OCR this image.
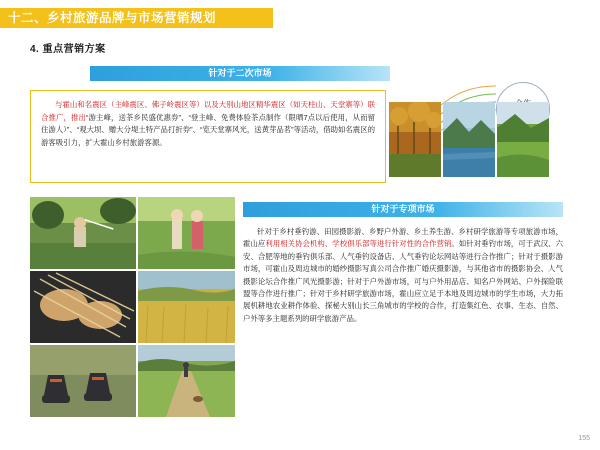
十二、乡村旅游品牌与市场营销规划
4. 重点营销方案
针对于二次市场

与霍山和名震区（主峰震区、佛子岭震区等）以及大别山地区精华震区（如天柱山、天堂寨等）联合推广，推出“游主峰，送茶乡民盛优惠券”、“登主峰、免费体验茶点制作（限晒7点以后使用，从而留住游人）”、“观大坝、赠大分堤土特产品打折券”、“览天堂寨风光，送黄芽品茗”等活动，借助如名震区的游客吸引力，扩大霍山乡村旅游客源。

针对于专项市场

针对于乡村垂钓游、田园摄影游、乡野户外游、乡土养生游、乡村研学旅游等专项旅游市场，霍山应利用相关协会机构、学校俱乐部等进行针对性的合作营销。如针对垂钓市场，可于武汉、六安、合肥等地的垂钓俱乐部、人气垂钓设备店、人气垂钓论坛网站等进行合作推广；针对于摄影游市场，可霍山及周边城市的婚纱摄影写真公司合作推广婚庆摄影游，与其他省市的摄影协会、人气摄影论坛合作推广风光摄影游；针对于户外游市场，可与户外用品店、知名户外网站、户外探险联盟等合作进行推广；针对于乡村研学旅游市场，霍山应立足于本地及周边城市的学生市场，大力拓展机耕地农业耕作体验、探秘大别山长三角城市的学校的合作，打造集红色、衣事、生态、自然、户外等多主题系列的研学旅游产品。

155
